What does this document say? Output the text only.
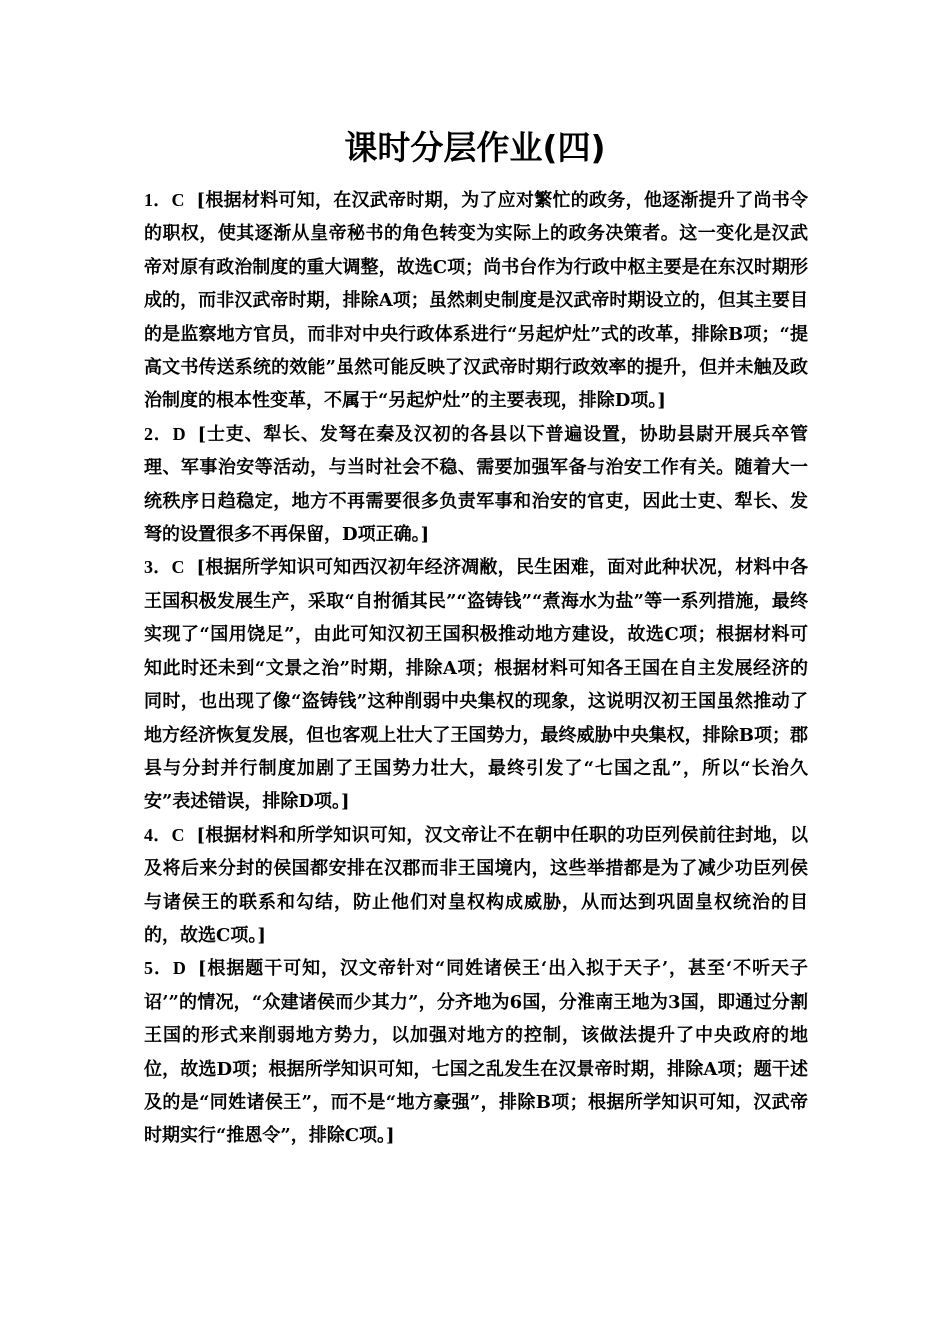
课时分层作业(四)

1．C [根据材料可知，在汉武帝时期，为了应对繁忙的政务，他逐渐提升了尚书令的职权，使其逐渐从皇帝秘书的角色转变为实际上的政务决策者。这一变化是汉武帝对原有政治制度的重大调整，故选C项；尚书台作为行政中枢主要是在东汉时期形成的，而非汉武帝时期，排除A项；虽然刺史制度是汉武帝时期设立的，但其主要目的是监察地方官员，而非对中央行政体系进行“另起炉灶”式的改革，排除B项；“提高文书传送系统的效能”虽然可能反映了汉武帝时期行政效率的提升，但并未触及政治制度的根本性变革，不属于“另起炉灶”的主要表现，排除D项。]

2．D [士吏、犁长、发弩在秦及汉初的各县以下普遍设置，协助县尉开展兵卒管理、军事治安等活动，与当时社会不稳、需要加强军备与治安工作有关。随着大一统秩序日趋稳定，地方不再需要很多负责军事和治安的官吏，因此士吏、犁长、发弩的设置很多不再保留，D项正确。]

3．C [根据所学知识可知西汉初年经济凋敝，民生困难，面对此种状况，材料中各王国积极发展生产，采取“自拊循其民”“盗铸钱”“煮海水为盐”等一系列措施，最终实现了“国用饶足”，由此可知汉初王国积极推动地方建设，故选C项；根据材料可知此时还未到“文景之治”时期，排除A项；根据材料可知各王国在自主发展经济的同时，也出现了像“盗铸钱”这种削弱中央集权的现象，这说明汉初王国虽然推动了地方经济恢复发展，但也客观上壮大了王国势力，最终威胁中央集权，排除B项；郡县与分封并行制度加剧了王国势力壮大，最终引发了“七国之乱”，所以“长治久安”表述错误，排除D项。]

4．C [根据材料和所学知识可知，汉文帝让不在朝中任职的功臣列侯前往封地，以及将后来分封的侯国都安排在汉郡而非王国境内，这些举措都是为了减少功臣列侯与诸侯王的联系和勾结，防止他们对皇权构成威胁，从而达到巩固皇权统治的目的，故选C项。]

5．D [根据题干可知，汉文帝针对“同姓诸侯王‘出入拟于天子’，甚至‘不听天子诏’”的情况，“众建诸侯而少其力”，分齐地为6国，分淮南王地为3国，即通过分割王国的形式来削弱地方势力，以加强对地方的控制，该做法提升了中央政府的地位，故选D项；根据所学知识可知，七国之乱发生在汉景帝时期，排除A项；题干述及的是“同姓诸侯王”，而不是“地方豪强”，排除B项；根据所学知识可知，汉武帝时期实行“推恩令”，排除C项。]
